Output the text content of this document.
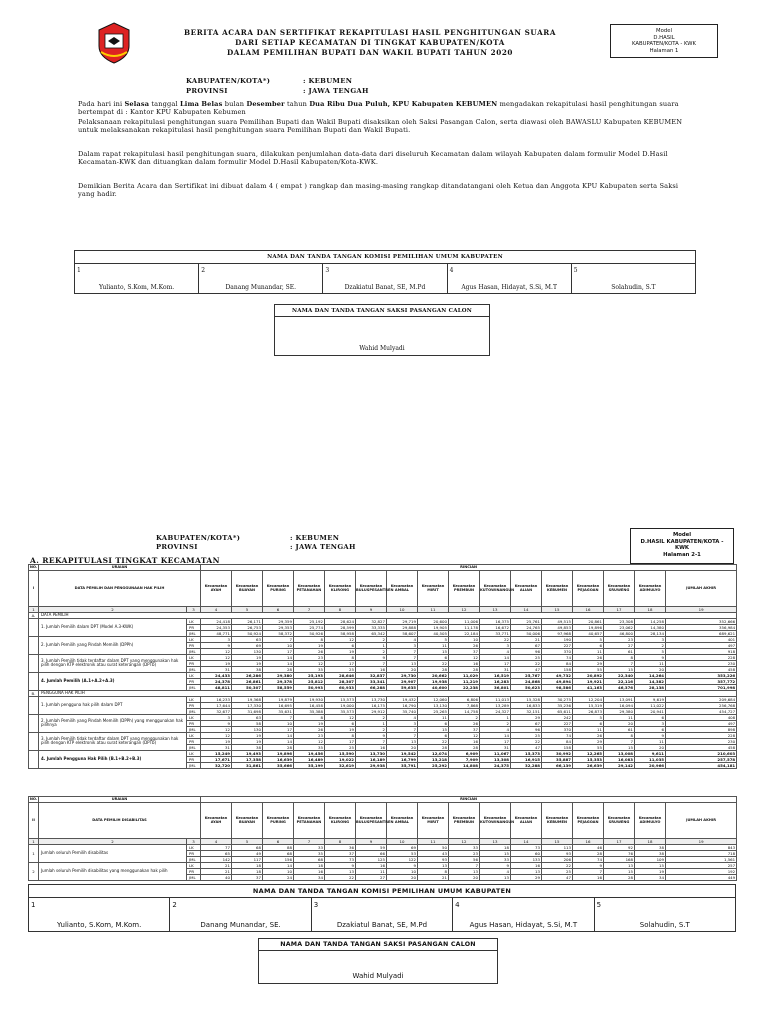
BERITA ACARA DAN SERTIFIKAT REKAPITULASI HASIL PENGHITUNGAN SUARA
DARI SETIAP KECAMATAN DI TINGKAT KABUPATEN/KOTA
DALAM PEMILIHAN BUPATI DAN WAKIL BUPATI TAHUN 2020
Model
D.HASIL
KABUPATEN/KOTA - KWK
Halaman 1
KABUPATEN/KOTA*)	: KEBUMEN
PROVINSI	: JAWA TENGAH
Pada hari ini Selasa tanggal Lima Belas bulan Desember tahun Dua Ribu Dua Puluh, KPU Kabupaten KEBUMEN mengadakan rekapitulasi hasil penghitungan suara bertempat di : Kantor KPU Kabupaten Kebumen
Pelaksanaan rekapitulasi penghitungan suara Pemilihan Bupati dan Wakil Bupati disaksikan oleh Saksi Pasangan Calon, serta diawasi oleh BAWASLU Kabupaten KEBUMEN untuk melaksanakan rekapitulasi hasil penghitungan suara Pemilihan Bupati dan Wakil Bupati.
Dalam rapat rekapitulasi hasil penghitungan suara, dilakukan penjumlahan data-data dari diseluruh Kecamatan dalam wilayah Kabupaten dalam formulir Model D.Hasil Kecamatan-KWK dan dituangkan dalam formulir Model D.Hasil Kabupaten/Kota-KWK.
Demikian Berita Acara dan Sertifikat ini dibuat dalam 4 ( empat ) rangkap dan masing-masing rangkap ditandatangani oleh Ketua dan Anggota KPU Kabupaten serta Saksi yang hadir.
NAMA DAN TANDA TANGAN KOMISI PEMILIHAN UMUM KABUPATEN

1
Yulianto, S.Kom, M.Kom.

2
Danang Munandar, SE.

3
Dzakiatul Banat, SE, M.Pd

4
Agus Hasan, Hidayat, S.Si, M.T

5
Solahudin, S.T
NAMA DAN TANDA TANGAN SAKSI PASANGAN CALON
Wahid Mulyadi
KABUPATEN/KOTA*)	: KEBUMEN
PROVINSI	: JAWA TENGAH
Model
D.HASIL KABUPATEN/KOTA -
KWK
Halaman 2-1
A. REKAPITULASI TINGKAT KECAMATAN
NO.	URAIAN		RINCIAN															
I	DATA PEMILIH DAN PENGGUNAAN HAK PILIH		Kecamatan AYAH	Kecamatan BUAYAN	Kecamatan PURING	Kecamatan PETANAHAN	Kecamatan KLIRONG	Kecamatan BULUSPESANTREN	Kecamatan AMBAL	Kecamatan MIRIT	Kecamatan PREMBUN	Kecamatan KUTOWINANGUN	Kecamatan ALIAN	Kecamatan KEBUMEN	Kecamatan PEJAGOAN	Kecamatan SRUWENG	Kecamatan ADIMULYO	JUMLAH AKHIR
1	2	3	4	5	6	7	8	9	10	11	12	13	14	15	16	17	18	19
A.	DATA PEMILIH																	
	1. Jumlah Pemilih dalam DPT (Model A.3-KWK)	LK	24,418	26,171	29,359	25,192	28,624	32,827	29,719	20,600	11,006	16,375	25,761	49,515	20,861	23,308	14,258	352,666
		PR	24,353	26,753	29,353	25,774	28,599	33,335	29,888	19,905	11,178	16,672	24,765	49,853	19,896	23,062	14,380	356,984
		JML	48,771	50,924	58,372	50,926	58,958	65,342	58,607	40,505	22,184	33,771	50,006	97,968	40,657	46,800	28,134	689,621
	2. Jumlah Pemilih yang Pindah Memilih (DPPh)	LK	3	63	7	8	12	2	4	5	10	22	21	190	5	23	3	401
		PR	9	69	10	19	6	1	3	11	26	3	67	227	6	27	2	497
		JML	12	130	17	26	19	2	7	15	37	4	96	370	11	61	5	918
	3. Jumlah Pemilih tidak terdaftar dalam DPT yang menggunakan hak pilih dengan KTP elektronik atau surat keterangan (DPTb)	LK	12	19	14	23	8	9	7	6	12	14	25	74	26	8	9	228
		PR	19	19	14	12	17	7	13	22	16	17	22	84	29	7	11	230
		JML	31	38	28	35	25	16	20	28	28	31	47	158	55	15	20	458
	4. Jumlah Pemilih (A.1+A.2+A.3)	LK	24,433	26,286	29,380	25,193	28,646	32,837	29,730	20,662	11,029	16,519	25,767	49,732	20,892	22,340	14,264	353,226
		PR	24,378	26,861	29,378	25,812	28,307	33,341	29,907	19,938	11,219	16,283	24,868	49,894	19,921	22,116	14,382	357,772
		JML	48,811	50,307	58,559	50,993	60,933	66,288	59,635	40,600	22,238	36,801	50,623	98,586	41,163	46,376	28,138	701,998
B.	PENGGUNA HAK PILIH																	
	1. Jumlah pengguna hak pilih dalam DPT	LK	16,233	19,368	19,879	19,930	15,573	13,730	19,432	12,060	6,806	11,013	15,328	30,275	12,204	13,091	9,619	209,684
		PR	17,644	17,330	16,695	16,458	19,000	16,175	16,790	13,130	7,868	13,289	16,833	35,236	15,319	16,094	11,022	256,768
		JML	32,677	31,698	35,631	35,388	35,573	29,912	35,740	25,265	14,758	24,327	32,151	65,611	26,873	29,380	20,941	454,727
	2. Jumlah Pemilih yang Pindah Memilih (DPPh) yang menggunakan hak pilihnya	LK	3	63	7	8	12	2	4	11	2	1	29	242	5	11	6	408
		PR	9	58	10	19	6	1	3	6	26	2	67	227	6	20	3	497
		JML	12	130	17	26	19	2	7	15	37	4	96	370	11	61	6	898
	3. Jumlah Pemilih tidak terdaftar dalam DPT yang menggunakan hak pilih dengan KTP elektronik atau surat keterangan (DPTb)	LK	12	19	14	23	8	9	7	6	12	14	25	74	26	8	9	228
		PR	19	19	14	12	17	7	13	22	16	17	22	84	29	7	11	230
		JML	31	38	28	35	25	16	20	28	28	31	47	158	55	15	20	458
	4. Jumlah Pengguna Hak Pilih (B.1+B.2+B.3)	LK	15,249	19,493	19,896	19,456	15,590	13,730	19,542	12,074	6,909	11,067	15,373	30,992	12,265	13,008	9,611	210,603
		PR	17,671	17,358	16,639	16,489	19,022	16,189	16,799	13,218	7,909	13,308	16,915	35,887	15,353	16,083	11,035	257,578
		JML	32,720	31,861	35,666	35,199	32,619	29,938	35,791	25,292	14,808	24,375	32,288	66,139	26,639	29,142	20,966	454,181
NO.	URAIAN		RINCIAN															
II	DATA PEMILIH DISABILITAS		Kecamatan AYAH	Kecamatan BUAYAN	Kecamatan PURING	Kecamatan PETANAHAN	Kecamatan KLIRONG	Kecamatan BULUSPESANTREN	Kecamatan AMBAL	Kecamatan MIRIT	Kecamatan PREMBUN	Kecamatan KUTOWINANGUN	Kecamatan ALIAN	Kecamatan KEBUMEN	Kecamatan PEJAGOAN	Kecamatan SRUWENG	Kecamatan ADIMULYO	JUMLAH AKHIR
1	2	3	4	5	6	7	8	9	10	11	12	13	14	15	16	17	18	19
1	Jumlah seluruh Pemilih disabilitas	LK	77	68	88	33	36	59	69	50	33	18	73	113	46	92	38	843
		PR	65	49	68	35	37	66	53	43	23	15	60	93	28	76	38	718
		JML	142	117	156	68	73	125	122	93	56	33	133	206	74	168	109	1,561
2	Jumlah seluruh Pemilih disabilitas yang menggunakan hak pilih	LK	21	18	14	18	9	16	9	13	7	9	16	22	9	13	15	257
		PR	21	18	10	16	13	11	10	8	13	4	13	25	7	15	19	192
		JML	40	37	24	34	22	27	20	21	20	13	29	47	16	28	34	449
NAMA DAN TANDA TANGAN KOMISI PEMILIHAN UMUM KABUPATEN

1
Yulianto, S.Kom, M.Kom.

2
Danang Munandar, SE.

3
Dzakiatul Banat, SE, M.Pd

4
Agus Hasan, Hidayat, S.Si, M.T

5
Solahudin, S.T
NAMA DAN TANDA TANGAN SAKSI PASANGAN CALON
Wahid Mulyadi
